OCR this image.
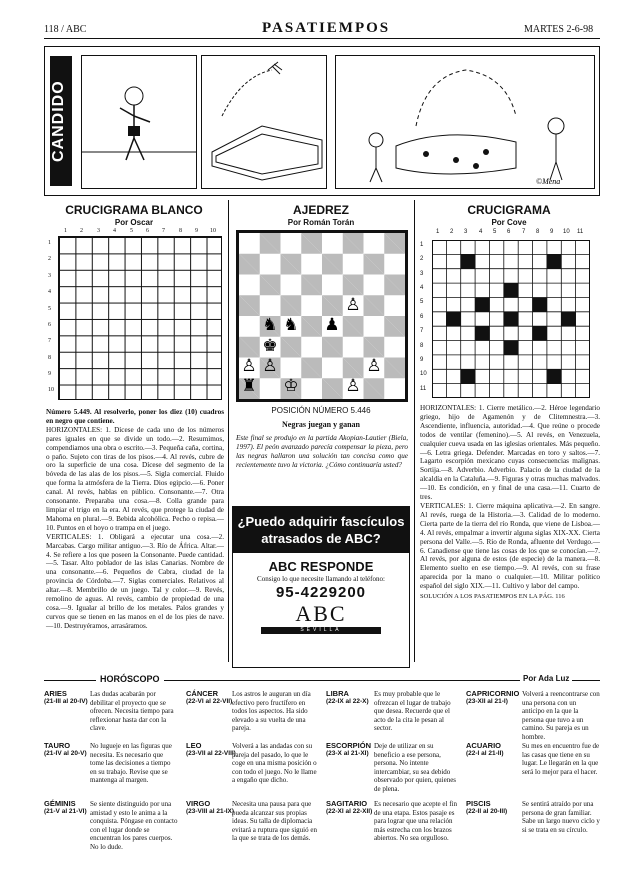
118 / ABC	PASATIEMPOS	MARTES 2-6-98
©Mena
CANDIDO
CRUCIGRAMA BLANCO
Por Oscar
1 2 3 4 5 6 7 8 9 10
1
2
3
4
5
6
7
8
9
10
Número 5.449. Al resolverlo, poner los diez (10) cuadros en negro que contiene.
HORIZONTALES: 1. Dícese de cada uno de los números pares iguales en que se divide un todo.—2. Resumimos, compendiamos una obra o escrito.—3. Pequeña caña, cortina, o paño. Sujeto con tiras de los pisos.—4. Al revés, cubre de oro la superficie de una cosa. Dícese del segmento de la bóveda de las alas de los pisos.—5. Sigla comercial. Fluido que forma la atmósfera de la Tierra. Dios egipcio.—6. Poner canal. Al revés, hablas en público. Consonante.—7. Otra consonante. Preparaba una cosa.—8. Colla grande para limpiar el trigo en la era. Al revés, que protege la ciudad de Mahoma en plural.—9. Bebida alcohólica. Pecho o repisa.—10. Puntos en el hoyo o trampa en el juego.
VERTICALES: 1. Obligará a ejecutar una cosa.—2. Marcabas. Cargo militar antiguo.—3. Río de África. Altar.—4. Se refiere a los que poseen la Consonante. Puede cantidad.—5. Tasar. Alto poblador de las islas Canarias. Nombre de una consonante.—6. Pequeños de Cabra, ciudad de la provincia de Córdoba.—7. Siglas comerciales. Relativos al altar.—8. Membrillo de un juego. Tal y color.—9. Revés, remolino de aguas. Al revés, cambio de propiedad de una cosa.—9. Igualar al brillo de los metales. Palos grandes y curvos que se tienen en las manos en el de los pies de nave.—10. Destruyéramos, arrasáramos.
AJEDREZ
Por Román Torán
♙
♞ ♞
♚
♟
♙	♙
♜	♙
♔
♙
POSICIÓN NÚMERO 5.446
Negras juegan y ganan
Este final se produjo en la partida Akopian-Lautier (Biela, 1997). El peón avanzado parecía compensar la pieza, pero las negras hallaron una solución tan concisa como que recientemente tuvo la victoria. ¿Cómo continuaría usted?
¿Puedo adquirir fascículos atrasados de ABC?
ABC RESPONDE
Consigo lo que necesite llamando al teléfono:
95-4229200
ABC
SEVILLA
CRUCIGRAMA
Por Cove
1 2 3 4 5 6 7 8 9 10 11
1
2
3
4
5
6
7
8
9
10
11
HORIZONTALES: 1. Cierre metálico.—2. Héroe legendario griego, hijo de Agamenón y de Clitemnestra.—3. Ascendiente, influencia, autoridad.—4. Que reúne o procede todos de ventilar (femenino).—5. Al revés, en Venezuela, cualquier cueva usada en las iglesias orientales. Más pequeño.—6. Letra griega. Defender. Marcadas en toro y saltos.—7. Lagarto escorpión mexicano cuyas consecuencias malignas. Sortija.—8. Adverbio. Adverbio. Palacio de la ciudad de la alcaldía en la Cataluña.—9. Figuras y otras muchas malvados.—10. Es condición, en y final de una casa.—11. Cuarto de tres.
VERTICALES: 1. Cierre máquina aplicativa.—2. En sangre. Al revés, ruega de la Historia.—3. Calidad de lo moderno. Cierta parte de la tierra del río Ronda, que viene de Lisboa.—4. Al revés, empalmar a invertir alguna siglas XIX-XX. Cierta persona del Valle.—5. Río de Ronda, afluente del Verdugo.—6. Canadiense que tiene las cosas de los que se conocían.—7. Al revés, por alguna de estos (de especie) de la manera.—8. Elemento suelto en ese tiempo.—9. Al revés, con su frase aparecida por la mano o cualquier.—10. Militar político español del siglo XIX.—11. Cultivo y labor del campo.
SOLUCIÓN A LOS PASATIEMPOS EN LA PÁG. 116
HORÓSCOPO	Por Ada Luz
ARIES
(21-III al 20-IV)
Las dudas acabarán por debilitar el proyecto que se ofrecen. Necesita tiempo para reflexionar hasta dar con la clave.
TAURO
(21-IV al 20-V)
No lugueje en las figuras que necesita. Es necesario que tome las decisiones a tiempo en su trabajo. Revise que se mantenga al margen.
GÉMINIS
(21-V al 21-VI)
Se siente distinguido por una amistad y esto le anima a la conquista. Póngase en contacto con el lugar donde se encuentran los pares cuerpos. No lo dude.
CÁNCER
(22-VI al 22-VII)
Los astros le auguran un día efectivo pero fructífero en todos los aspectos. Ha sido elevado a su vuelta de una pareja.
LEO
(23-VII al 22-VIII)
Volverá a las andadas con su pareja del pasado, lo que le coge en una misma posición o con todo el juego. No le llame a engaño que dicho.
VIRGO
(23-VIII al 21-IX)
Necesita una pausa para que pueda alcanzar sus propias ideas. Su talla de diplomacia evitará a ruptura que siguió en la que se trata de los demás.
LIBRA
(22-IX al 22-X)
Es muy probable que le ofrezcan el lugar de trabajo que desea. Recuerde que el acto de la cita le pesan al sector.
ESCORPIÓN
(23-X al 21-XI)
Deje de utilizar en su beneficio a ese persona, persona. No intente intercambiar, su sea debido observado por quien, quienes de plena.
SAGITARIO
(22-XI al 22-XII)
Es necesario que acepte el fin de una etapa. Estos pasaje es para lograr que una relación más estrecha con los brazos abiertos. No sea orgulloso.
CAPRICORNIO
(23-XII al 21-I)
Volverá a reencontrarse con una persona con un anticipo en la que la persona que tuvo a un camino. Su pareja es un hombre.
ACUARIO
(22-I al 21-II)
Su mes en encuentro fue de las casas que tiene en su lugar. Le llegarán en la que será lo mejor para el hacer.
PISCIS
(22-II al 20-III)
Se sentirá atraído por una persona de gran familiar. Sabe un largo nuevo ciclo y si se trata en su círculo.
